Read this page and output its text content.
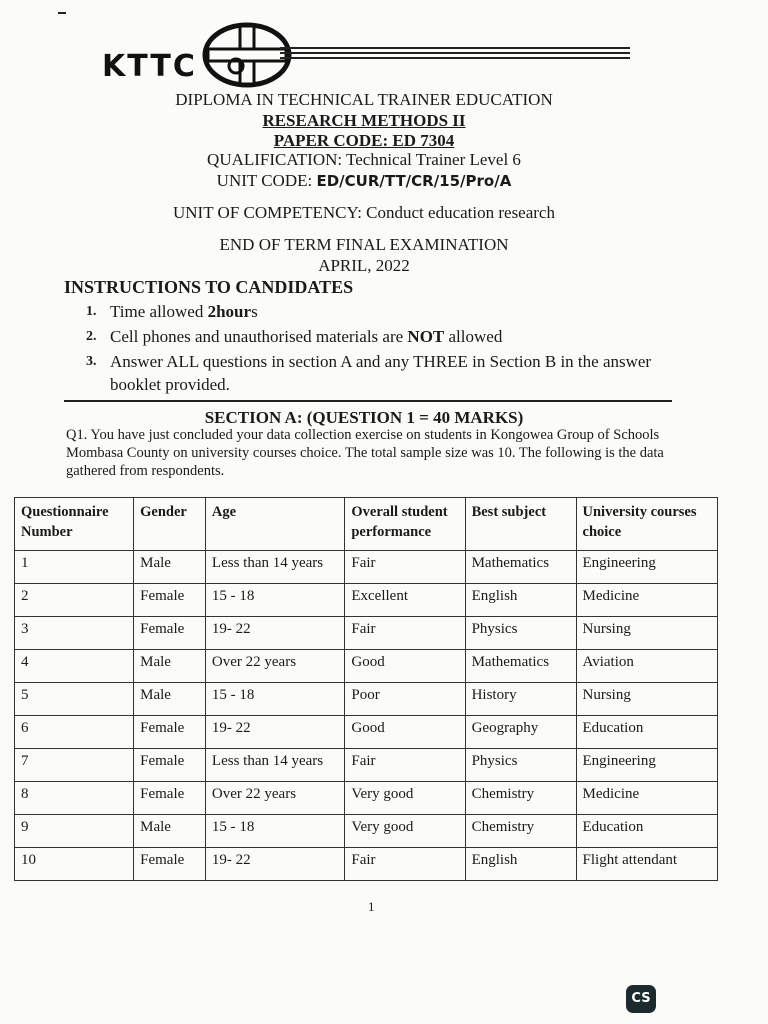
KTTC
DIPLOMA IN TECHNICAL TRAINER EDUCATION
RESEARCH METHODS II
PAPER CODE: ED 7304
QUALIFICATION: Technical Trainer Level 6
UNIT CODE: ED/CUR/TT/CR/15/Pro/A
UNIT OF COMPETENCY: Conduct education research
END OF TERM FINAL EXAMINATION
APRIL, 2022
INSTRUCTIONS TO CANDIDATES
1. Time allowed 2hours
2. Cell phones and unauthorised materials are NOT allowed
3. Answer ALL questions in section A and any THREE in Section B in the answer booklet provided.
SECTION A: (QUESTION 1 = 40 MARKS)
Q1. You have just concluded your data collection exercise on students in Kongowea Group of Schools Mombasa County on university courses choice. The total sample size was 10. The following is the data gathered from respondents.
Questionnaire Number	Gender	Age	Overall student performance	Best subject	University courses choice
1	Male	Less than 14 years	Fair	Mathematics	Engineering
2	Female	15 - 18	Excellent	English	Medicine
3	Female	19- 22	Fair	Physics	Nursing
4	Male	Over 22 years	Good	Mathematics	Aviation
5	Male	15 - 18	Poor	History	Nursing
6	Female	19- 22	Good	Geography	Education
7	Female	Less than 14 years	Fair	Physics	Engineering
8	Female	Over 22 years	Very good	Chemistry	Medicine
9	Male	15 - 18	Very good	Chemistry	Education
10	Female	19- 22	Fair	English	Flight attendant
1
CS
